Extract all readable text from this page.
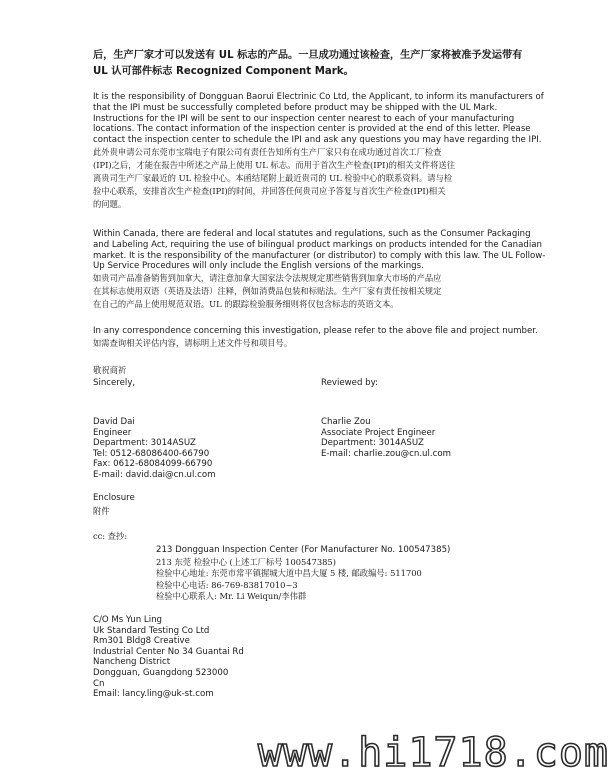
后，生产厂家才可以发送有 UL 标志的产品。一旦成功通过该检查，生产厂家将被准予发运带有
UL 认可部件标志 Recognized Component Mark。
It is the responsibility of Dongguan Baorui Electrinic Co Ltd, the Applicant, to inform its manufacturers of
that the IPI must be successfully completed before product may be shipped with the UL Mark.
Instructions for the IPI will be sent to our inspection center nearest to each of your manufacturing
locations. The contact information of the inspection center is provided at the end of this letter. Please
contact the inspection center to schedule the IPI and ask any questions you may have regarding the IPI.
此外贵申请公司东莞市宝瑞电子有限公司有责任告知所有生产厂家只有在成功通过首次工厂检查
(IPI)之后，才能在报告中所述之产品上使用 UL 标志。而用于首次生产检查(IPI)的相关文件将送往
离贵司生产厂家最近的 UL 检验中心。本函结尾附上最近贵司的 UL 检验中心的联系资料。请与检
验中心联系，安排首次生产检查(IPI)的时间，并回答任何贵司应予答复与首次生产检查(IPI)相关
的问题。
Within Canada, there are federal and local statutes and regulations, such as the Consumer Packaging
and Labeling Act, requiring the use of bilingual product markings on products intended for the Canadian
market. It is the responsibility of the manufacturer (or distributor) to comply with this law. The UL Follow-
Up Service Procedures will only include the English versions of the markings.
如贵司产品准备销售到加拿大，请注意加拿大国家法令法规规定那些销售到加拿大市场的产品应
在其标志使用双语（英语及法语）注释，例如消费品包装和标贴法。生产厂家有责任按相关规定
在自己的产品上使用规范双语。UL 的跟踪检验服务细则将仅包含标志的英语文本。
In any correspondence concerning this investigation, please refer to the above file and project number.
如需查询相关评估内容，请标明上述文件号和项目号。
敬祝商祈
Sincerely,	Reviewed by:
David Dai
Engineer
Department: 3014ASUZ
Tel: 0512-68086400-66790
Fax: 0612-68084099-66790
E-mail: david.dai@cn.ul.com
Charlie Zou
Associate Project Engineer
Department: 3014ASUZ
E-mail: charlie.zou@cn.ul.com
Enclosure
附件
cc: 查抄:
213 Dongguan Inspection Center (For Manufacturer No. 100547385)
213 东莞 检验中心 (上述工厂标号 100547385)
检验中心地址: 东莞市常平镇握城大道中昌大厦 5 楼, 邮政编号: 511700
检验中心电话: 86-769-83817010~3
检验中心联系人: Mr. Li Weiqun/李伟群
C/O Ms Yun Ling
Uk Standard Testing Co Ltd
Rm301 Bldg8 Creative
Industrial Center No 34 Guantai Rd
Nancheng District
Dongguan, Guangdong 523000
Cn
Email: lancy.ling@uk-st.com
www.hi1718.com
